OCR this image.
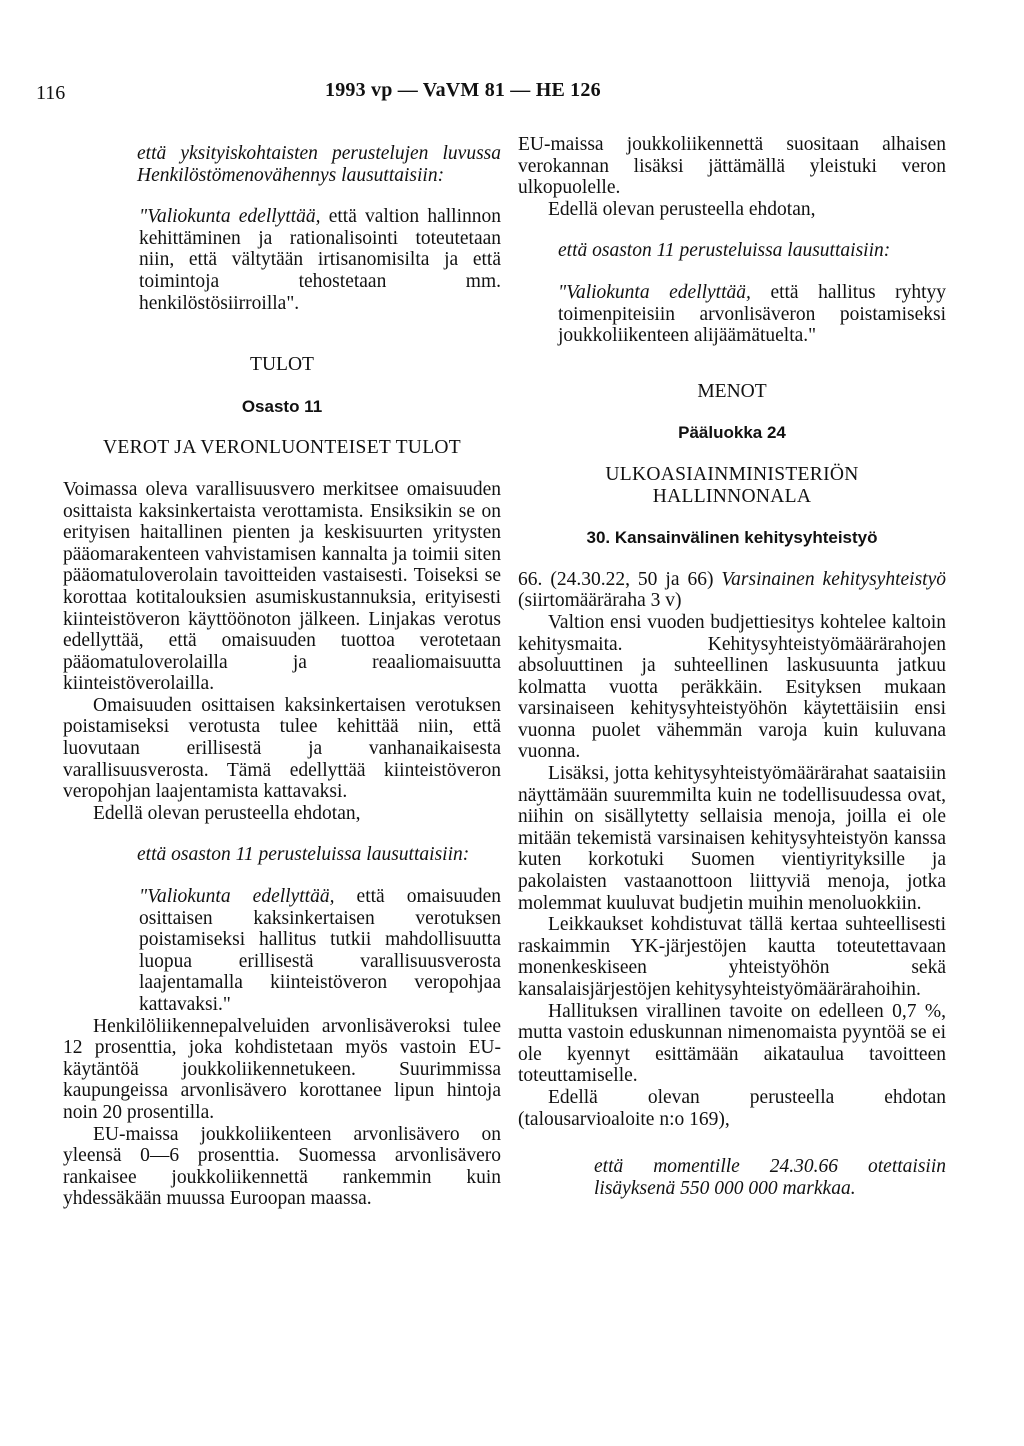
116	1993 vp — VaVM 81 — HE 126

että yksityiskohtaisten perustelujen luvussa Henkilöstömenovähennys lausuttaisiin:

"Valiokunta edellyttää, että valtion hallinnon kehittäminen ja rationalisointi toteutetaan niin, että vältytään irtisanomisilta ja että toimintoja tehostetaan mm. henkilöstösiirroilla".

TULOT

Osasto 11

VEROT JA VERONLUONTEISET TULOT

Voimassa oleva varallisuusvero merkitsee omaisuuden osittaista kaksinkertaista verottamista. Ensiksikin se on erityisen haitallinen pienten ja keskisuurten yritysten pääomarakenteen vahvistamisen kannalta ja toimii siten pääomatuloverolain tavoitteiden vastaisesti. Toiseksi se korottaa kotitalouksien asumiskustannuksia, erityisesti kiinteistöveron käyttöönoton jälkeen. Linjakas verotus edellyttää, että omaisuuden tuottoa verotetaan pääomatuloverolailla ja reaaliomaisuutta kiinteistöverolailla.

Omaisuuden osittaisen kaksinkertaisen verotuksen poistamiseksi verotusta tulee kehittää niin, että luovutaan erillisestä ja vanhanaikaisesta varallisuusverosta. Tämä edellyttää kiinteistöveron veropohjan laajentamista kattavaksi.

Edellä olevan perusteella ehdotan,

että osaston 11 perusteluissa lausuttaisiin:

"Valiokunta edellyttää, että omaisuuden osittaisen kaksinkertaisen verotuksen poistamiseksi hallitus tutkii mahdollisuutta luopua erillisestä varallisuusverosta laajentamalla kiinteistöveron veropohjaa kattavaksi."

Henkilöliikennepalveluiden arvonlisäveroksi tulee 12 prosenttia, joka kohdistetaan myös vastoin EU-käytäntöä joukkoliikennetukeen. Suurimmissa kaupungeissa arvonlisävero korottanee lipun hintoja noin 20 prosentilla.

EU-maissa joukkoliikenteen arvonlisävero on yleensä 0—6 prosenttia. Suomessa arvonlisävero rankaisee joukkoliikennettä rankemmin kuin yhdessäkään muussa Euroopan maassa.

EU-maissa joukkoliikennettä suositaan alhaisen verokannan lisäksi jättämällä yleistuki veron ulkopuolelle.

Edellä olevan perusteella ehdotan,

että osaston 11 perusteluissa lausuttaisiin:

"Valiokunta edellyttää, että hallitus ryhtyy toimenpiteisiin arvonlisäveron poistamiseksi joukkoliikenteen alijäämätuelta."

MENOT

Pääluokka 24

ULKOASIAINMINISTERIÖN HALLINNONALA

30. Kansainvälinen kehitysyhteistyö

66. (24.30.22, 50 ja 66) Varsinainen kehitysyhteistyö (siirtomääräraha 3 v)

Valtion ensi vuoden budjettiesitys kohtelee kaltoin kehitysmaita. Kehitysyhteistyömäärärahojen absoluuttinen ja suhteellinen laskusuunta jatkuu kolmatta vuotta peräkkäin. Esityksen mukaan varsinaiseen kehitysyhteistyöhön käytettäisiin ensi vuonna puolet vähemmän varoja kuin kuluvana vuonna.

Lisäksi, jotta kehitysyhteistyömäärärahat saataisiin näyttämään suuremmilta kuin ne todellisuudessa ovat, niihin on sisällytetty sellaisia menoja, joilla ei ole mitään tekemistä varsinaisen kehitysyhteistyön kanssa kuten korkotuki Suomen vientiyrityksille ja pakolaisten vastaanottoon liittyviä menoja, jotka molemmat kuuluvat budjetin muihin menoluokkiin.

Leikkaukset kohdistuvat tällä kertaa suhteellisesti raskaimmin YK-järjestöjen kautta toteutettavaan monenkeskiseen yhteistyöhön sekä kansalaisjärjestöjen kehitysyhteistyömäärärahoihin.

Hallituksen virallinen tavoite on edelleen 0,7 %, mutta vastoin eduskunnan nimenomaista pyyntöä se ei ole kyennyt esittämään aikataulua tavoitteen toteuttamiselle.

Edellä olevan perusteella ehdotan (talousarvioaloite n:o 169),

että momentille 24.30.66 otettaisiin lisäyksenä 550 000 000 markkaa.
